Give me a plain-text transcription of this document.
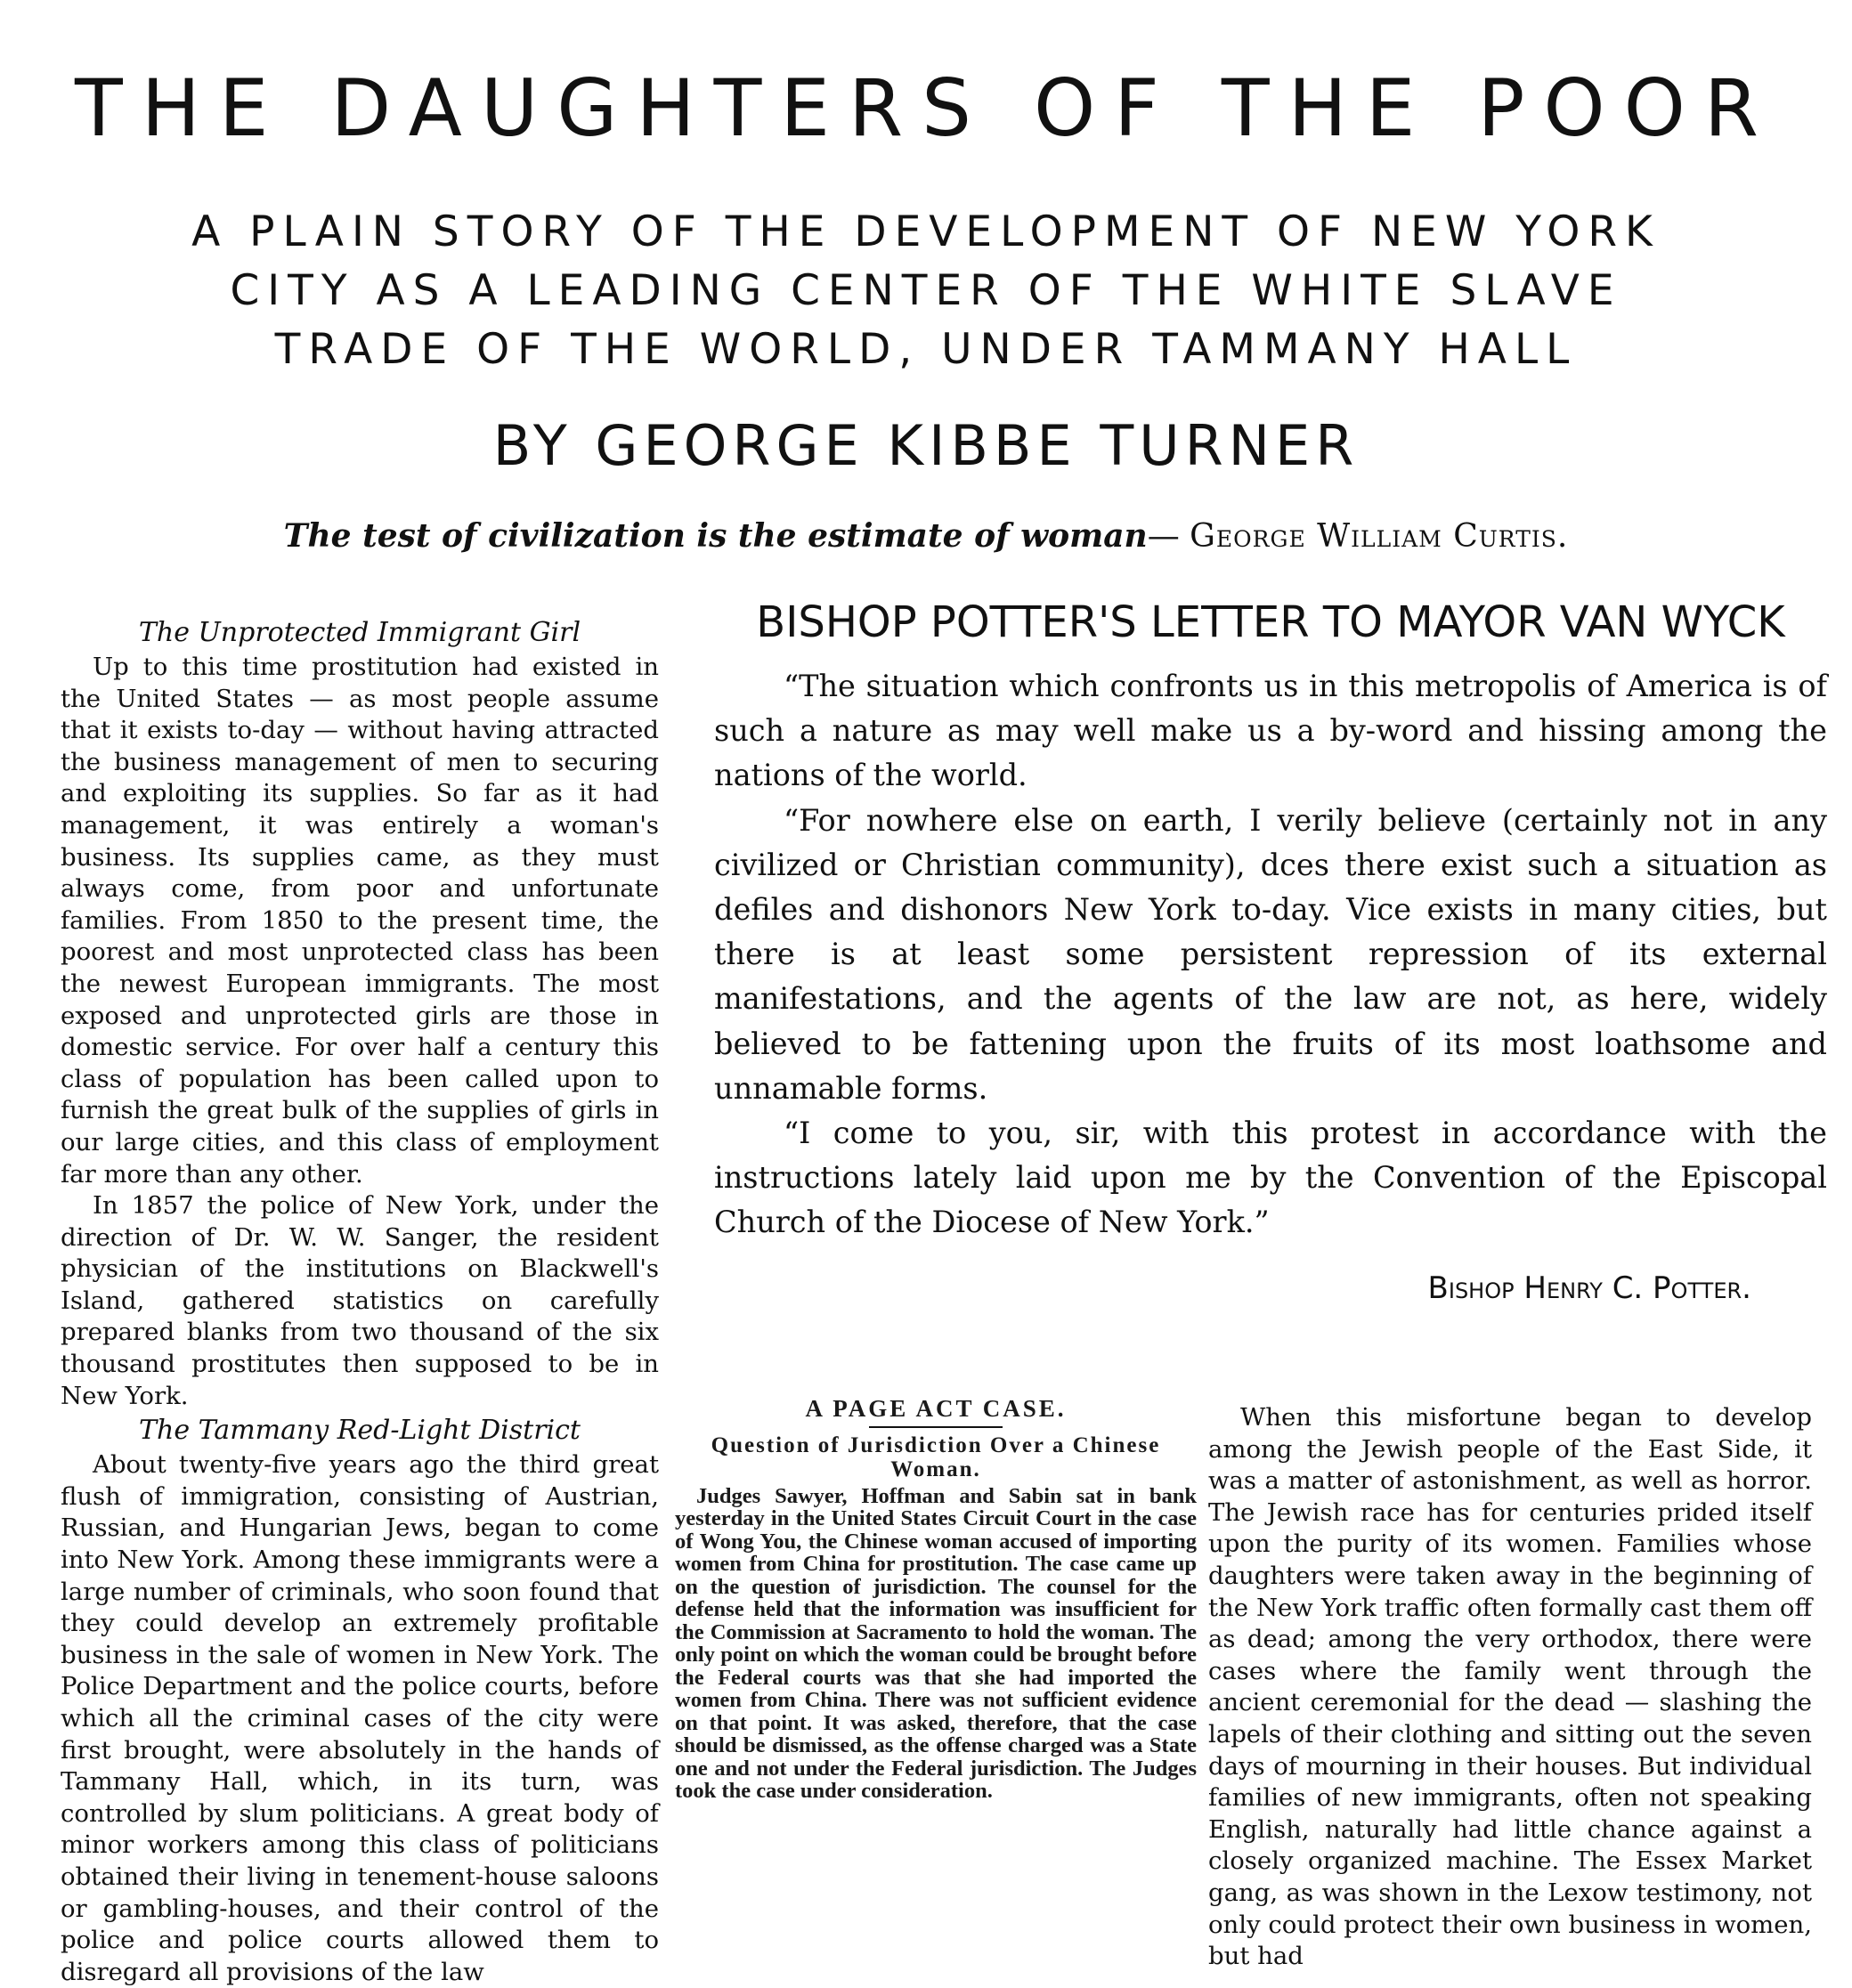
THE DAUGHTERS OF THE POOR
A PLAIN STORY OF THE DEVELOPMENT OF NEW YORK
CITY AS A LEADING CENTER OF THE WHITE SLAVE
TRADE OF THE WORLD, UNDER TAMMANY HALL
BY GEORGE KIBBE TURNER
The test of civilization is the estimate of woman— George William Curtis.
The Unprotected Immigrant Girl

Up to this time prostitution had existed in the United States — as most people assume that it exists to-day — without having attracted the business management of men to securing and exploiting its supplies. So far as it had management, it was entirely a woman's business. Its supplies came, as they must always come, from poor and unfortunate families. From 1850 to the present time, the poorest and most unprotected class has been the newest European immigrants. The most exposed and unprotected girls are those in domestic service. For over half a century this class of population has been called upon to furnish the great bulk of the supplies of girls in our large cities, and this class of employment far more than any other.

In 1857 the police of New York, under the direction of Dr. W. W. Sanger, the resident physician of the institutions on Blackwell's Island, gathered statistics on carefully prepared blanks from two thousand of the six thousand prostitutes then supposed to be in New York.

The Tammany Red-Light District

About twenty-five years ago the third great flush of immigration, consisting of Austrian, Russian, and Hungarian Jews, began to come into New York. Among these immigrants were a large number of criminals, who soon found that they could develop an extremely profitable business in the sale of women in New York. The Police Department and the police courts, before which all the criminal cases of the city were first brought, were absolutely in the hands of Tammany Hall, which, in its turn, was controlled by slum politicians. A great body of minor workers among this class of politicians obtained their living in tenement-house saloons or gambling-houses, and their control of the police and police courts allowed them to disregard all provisions of the law

BISHOP POTTER'S LETTER TO MAYOR VAN WYCK

“The situation which confronts us in this metropolis of America is of such a nature as may well make us a by-word and hissing among the nations of the world.

“For nowhere else on earth, I verily believe (certainly not in any civilized or Christian community), dces there exist such a situation as defiles and dishonors New York to-day. Vice exists in many cities, but there is at least some persistent repression of its external manifestations, and the agents of the law are not, as here, widely believed to be fattening upon the fruits of its most loathsome and unnamable forms.

“I come to you, sir, with this protest in accordance with the instructions lately laid upon me by the Convention of the Episcopal Church of the Diocese of New York.”

Bishop Henry C. Potter.
A PAGE ACT CASE.
Question of Jurisdiction Over a Chinese Woman.

Judges Sawyer, Hoffman and Sabin sat in bank yesterday in the United States Circuit Court in the case of Wong You, the Chinese woman accused of importing women from China for prostitution. The case came up on the question of jurisdiction. The counsel for the defense held that the information was insufficient for the Commission at Sacramento to hold the woman. The only point on which the woman could be brought before the Federal courts was that she had imported the women from China. There was not sufficient evidence on that point. It was asked, therefore, that the case should be dismissed, as the offense charged was a State one and not under the Federal jurisdiction. The Judges took the case under consideration.

When this misfortune began to develop among the Jewish people of the East Side, it was a matter of astonishment, as well as horror. The Jewish race has for centuries prided itself upon the purity of its women. Families whose daughters were taken away in the beginning of the New York traffic often formally cast them off as dead; among the very orthodox, there were cases where the family went through the ancient ceremonial for the dead — slashing the lapels of their clothing and sitting out the seven days of mourning in their houses. But individual families of new immigrants, often not speaking English, naturally had little chance against a closely organized machine. The Essex Market gang, as was shown in the Lexow testimony, not only could protect their own business in women, but had
